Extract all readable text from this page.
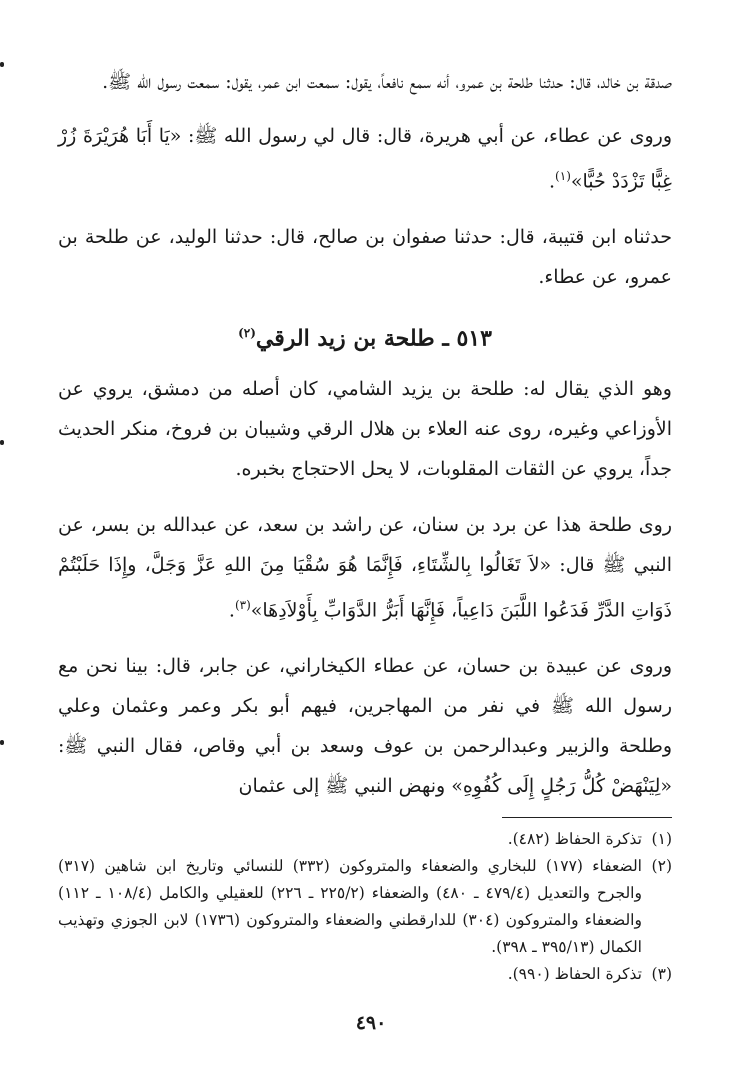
صدقة بن خالد، قال: حدثنا طلحة بن عمرو، أنه سمع نافعاً، يقول: سمعت ابن عمر، يقول: سمعت رسول الله ﷺ.

وروى عن عطاء، عن أبي هريرة، قال: قال لي رسول الله ﷺ: «يَا أَبَا هُرَيْرَةَ زُرْ غِبًّا تَزْدَدْ حُبًّا»$^{(١)}$.

حدثناه ابن قتيبة، قال: حدثنا صفوان بن صالح، قال: حدثنا الوليد، عن طلحة بن عمرو، عن عطاء.

٥١٣ ـ طلحة بن زيد الرقي$^{(٢)}$

وهو الذي يقال له: طلحة بن يزيد الشامي، كان أصله من دمشق، يروي عن الأوزاعي وغيره، روى عنه العلاء بن هلال الرقي وشيبان بن فروخ، منكر الحديث جداً، يروي عن الثقات المقلوبات، لا يحل الاحتجاج بخبره.

روى طلحة هذا عن برد بن سنان، عن راشد بن سعد، عن عبدالله بن بسر، عن النبي ﷺ قال: «لاَ تَغَالُوا بِالشِّتَاءِ، فَإِنَّمَا هُوَ سُقْيَا مِنَ اللهِ عَزَّ وَجَلَّ، وإِذَا حَلَبْتُمْ ذَوَاتِ الدَّرِّ فَدَعُوا اللَّبَنَ دَاعِياً، فَإِنَّهَا أَبَرُّ الدَّوَابِّ بِأَوْلاَدِهَا»$^{(٣)}$.

وروى عن عبيدة بن حسان، عن عطاء الكيخاراني، عن جابر، قال: بينا نحن مع رسول الله ﷺ في نفر من المهاجرين، فيهم أبو بكر وعمر وعثمان وعلي وطلحة والزبير وعبدالرحمن بن عوف وسعد بن أبي وقاص، فقال النبي ﷺ: «لِيَنْهَضْ كُلُّ رَجُلٍ إِلَى كُفُوِهِ» ونهض النبي ﷺ إلى عثمان

(١)
تذكرة الحفاظ (٤٨٢).
(٢)
الضعفاء (١٧٧) للبخاري والضعفاء والمتروكون (٣٣٢) للنسائي وتاريخ ابن شاهين (٣١٧) والجرح والتعديل (٤٧٩/٤ ـ ٤٨٠) والضعفاء (٢٢٥/٢ ـ ٢٢٦) للعقيلي والكامل (١٠٨/٤ ـ ١١٢) والضعفاء والمتروكون (٣٠٤) للدارقطني والضعفاء والمتروكون (١٧٣٦) لابن الجوزي وتهذيب الكمال (٣٩٥/١٣ ـ ٣٩٨).
(٣)
تذكرة الحفاظ (٩٩٠).
٤٩٠
